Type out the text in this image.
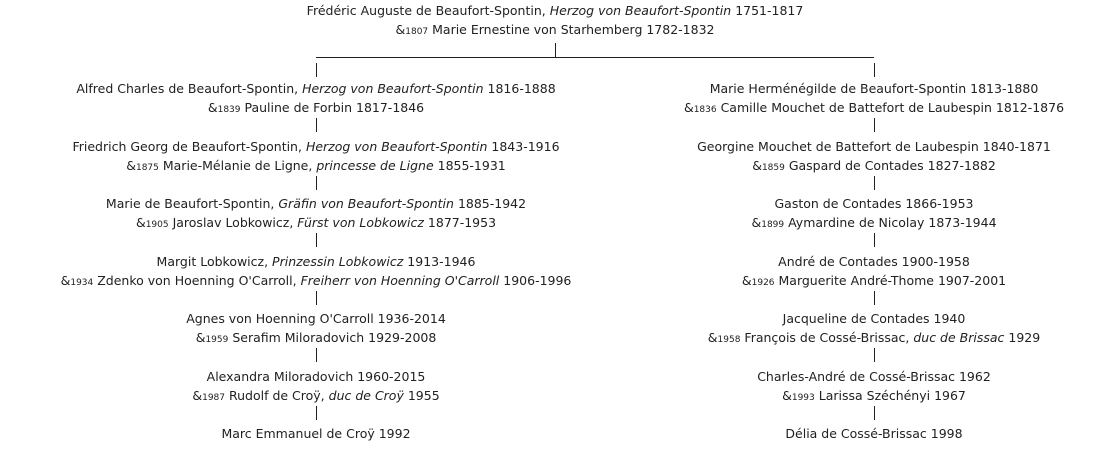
Frédéric Auguste de Beaufort-Spontin, Herzog von Beaufort-Spontin 1751-1817
&1807 Marie Ernestine von Starhemberg 1782-1832
Alfred Charles de Beaufort-Spontin, Herzog von Beaufort-Spontin 1816-1888
&1839 Pauline de Forbin 1817-1846
Friedrich Georg de Beaufort-Spontin, Herzog von Beaufort-Spontin 1843-1916
&1875 Marie-Mélanie de Ligne, princesse de Ligne 1855-1931
Marie de Beaufort-Spontin, Gräfin von Beaufort-Spontin 1885-1942
&1905 Jaroslav Lobkowicz, Fürst von Lobkowicz 1877-1953
Margit Lobkowicz, Prinzessin Lobkowicz 1913-1946
&1934 Zdenko von Hoenning O'Carroll, Freiherr von Hoenning O'Carroll 1906-1996
Agnes von Hoenning O'Carroll 1936-2014
&1959 Serafim Miloradovich 1929-2008
Alexandra Miloradovich 1960-2015
&1987 Rudolf de Croÿ, duc de Croÿ 1955
Marc Emmanuel de Croÿ 1992
Marie Herménégilde de Beaufort-Spontin 1813-1880
&1836 Camille Mouchet de Battefort de Laubespin 1812-1876
Georgine Mouchet de Battefort de Laubespin 1840-1871
&1859 Gaspard de Contades 1827-1882
Gaston de Contades 1866-1953
&1899 Aymardine de Nicolay 1873-1944
André de Contades 1900-1958
&1926 Marguerite André-Thome 1907-2001
Jacqueline de Contades 1940
&1958 François de Cossé-Brissac, duc de Brissac 1929
Charles-André de Cossé-Brissac 1962
&1993 Larissa Széchényi 1967
Délia de Cossé-Brissac 1998
